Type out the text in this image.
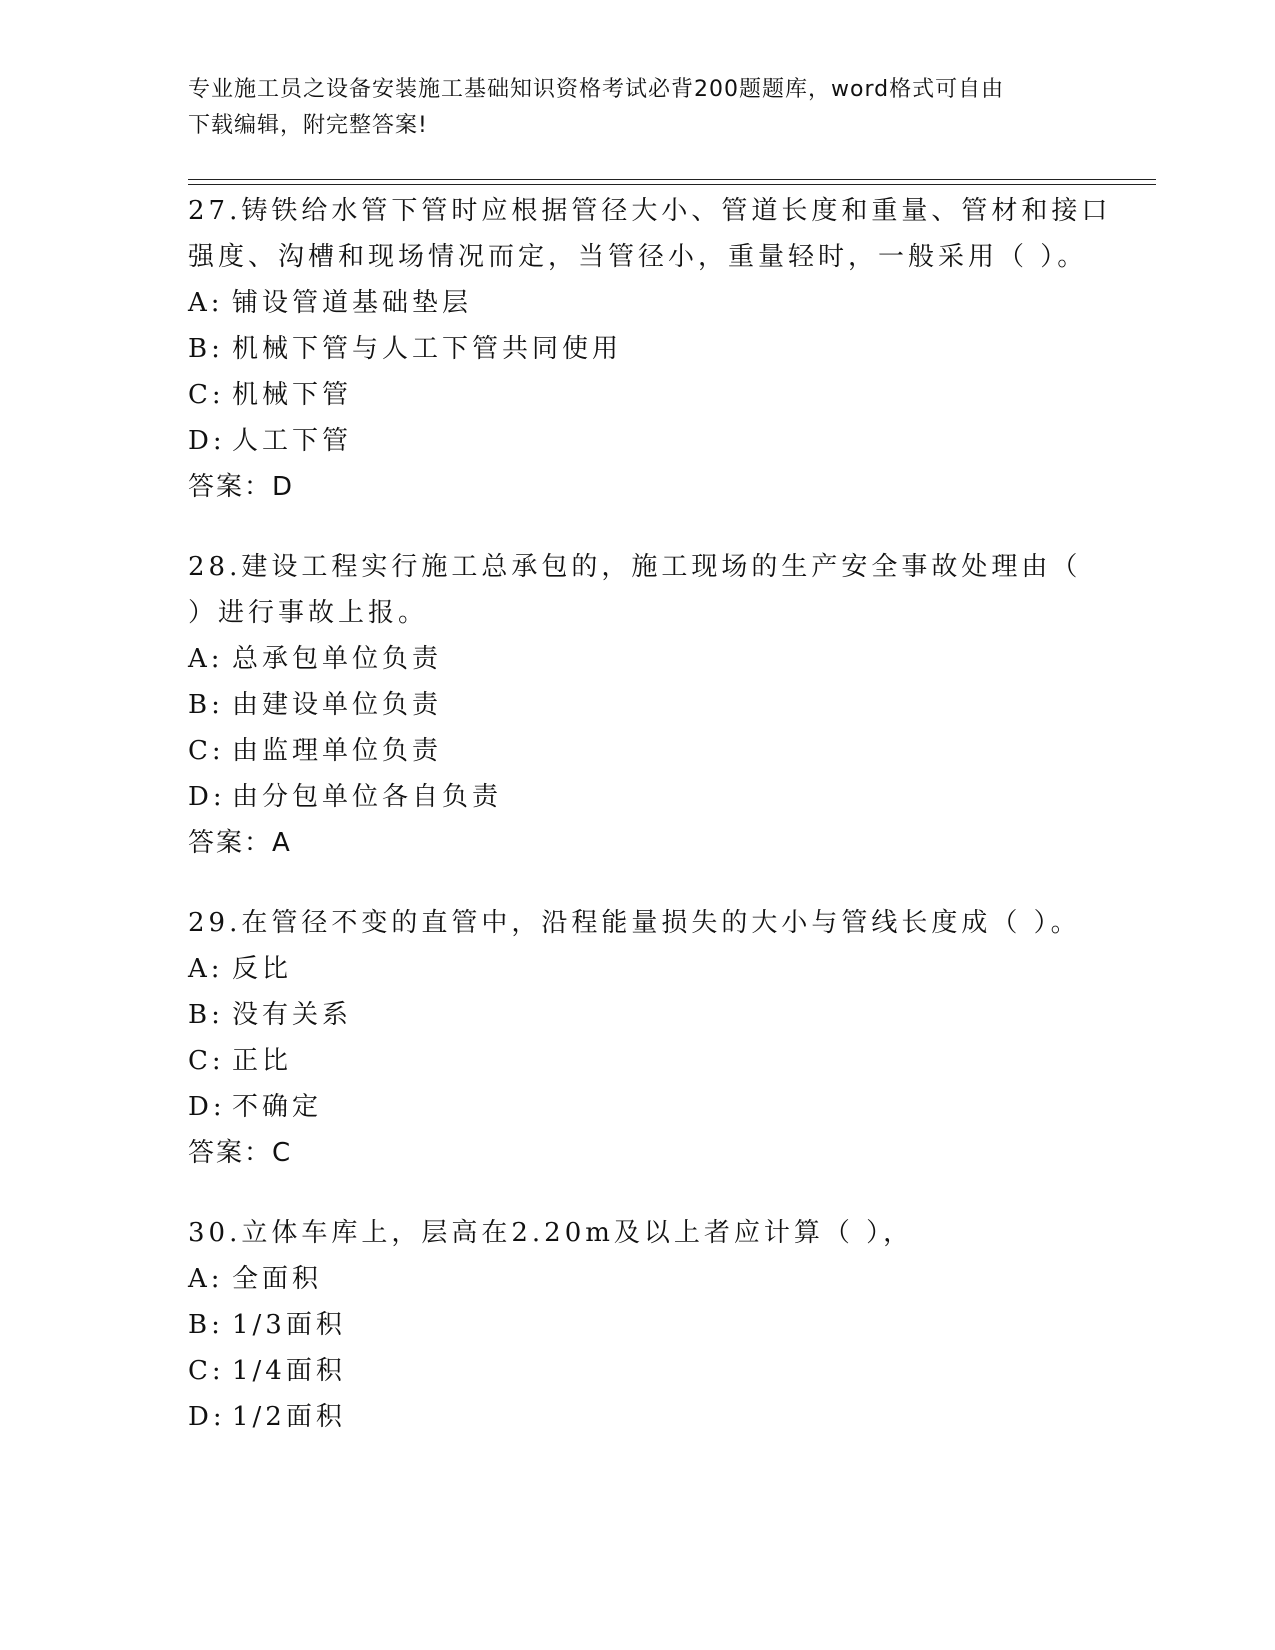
专业施工员之设备安装施工基础知识资格考试必背200题题库，word格式可自由
下载编辑，附完整答案!
27.铸铁给水管下管时应根据管径大小、管道长度和重量、管材和接口
强度、沟槽和现场情况而定，当管径小，重量轻时，一般采用（ ）。
A : 铺设管道基础垫层
B : 机械下管与人工下管共同使用
C : 机械下管
D : 人工下管
答案：D
28.建设工程实行施工总承包的，施工现场的生产安全事故处理由（
）进行事故上报。
A : 总承包单位负责
B : 由建设单位负责
C : 由监理单位负责
D : 由分包单位各自负责
答案：A
29.在管径不变的直管中，沿程能量损失的大小与管线长度成（ ）。
A : 反比
B : 没有关系
C : 正比
D : 不确定
答案：C
30.立体车库上，层高在2.20m及以上者应计算（ ），
A : 全面积
B : 1/3面积
C : 1/4面积
D : 1/2面积
